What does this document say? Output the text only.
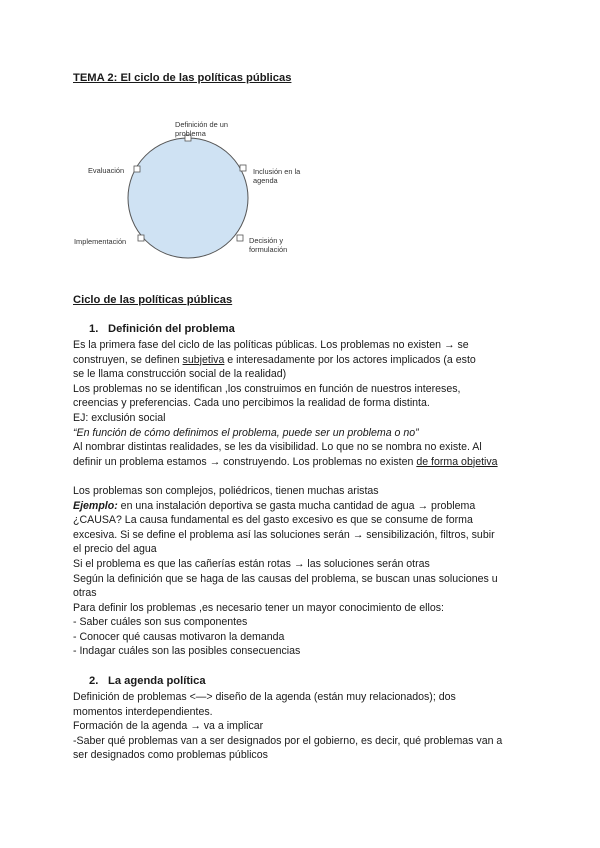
TEMA 2: El ciclo de las políticas públicas
Definición de un
problema
Inclusión en la
agenda
Decisión y
formulación
Implementación
Evaluación
Ciclo de las políticas públicas
1. Definición del problema
Es la primera fase del ciclo de las políticas públicas. Los problemas no existen → se
construyen, se definen subjetiva e interesadamente por los actores implicados (a esto
se le llama construcción social de la realidad)
Los problemas no se identifican ,los construimos en función de nuestros intereses,
creencias y preferencias. Cada uno percibimos la realidad de forma distinta.
EJ: exclusión social
“En función de cómo definimos el problema, puede ser un problema o no”
Al nombrar distintas realidades, se les da visibilidad. Lo que no se nombra no existe. Al
definir un problema estamos → construyendo. Los problemas no existen de forma objetiva
Los problemas son complejos, poliédricos, tienen muchas aristas
Ejemplo: en una instalación deportiva se gasta mucha cantidad de agua → problema
¿CAUSA? La causa fundamental es del gasto excesivo es que se consume de forma
excesiva. Si se define el problema así las soluciones serán → sensibilización, filtros, subir
el precio del agua
Si el problema es que las cañerías están rotas → las soluciones serán otras
Según la definición que se haga de las causas del problema, se buscan unas soluciones u
otras
Para definir los problemas ,es necesario tener un mayor conocimiento de ellos:
- Saber cuáles son sus componentes
- Conocer qué causas motivaron la demanda
- Indagar cuáles son las posibles consecuencias
2. La agenda política
Definición de problemas <—> diseño de la agenda (están muy relacionados); dos
momentos interdependientes.
Formación de la agenda → va a implicar
-Saber qué problemas van a ser designados por el gobierno, es decir, qué problemas van a
ser designados como problemas públicos
